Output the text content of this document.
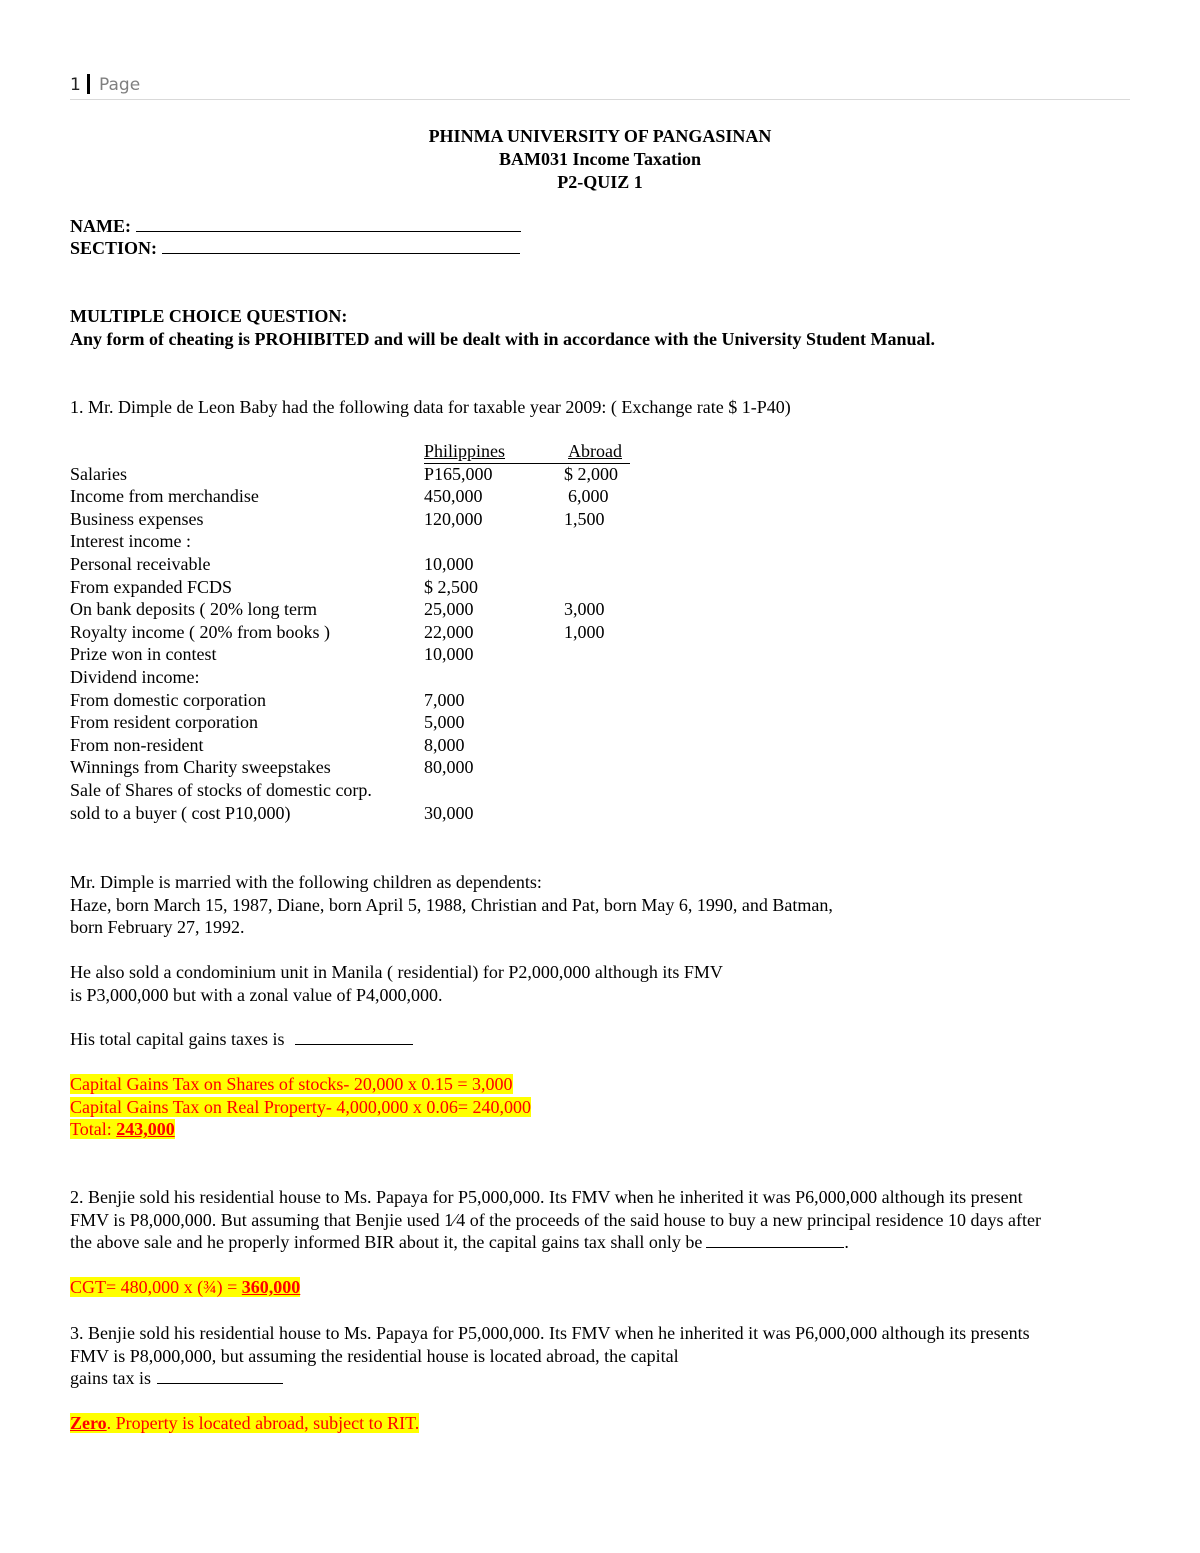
1 Page
PHINMA UNIVERSITY OF PANGASINAN
BAM031 Income Taxation
P2-QUIZ 1
NAME:
SECTION:
MULTIPLE CHOICE QUESTION:
Any form of cheating is PROHIBITED and will be dealt with in accordance with the University Student Manual.
1. Mr. Dimple de Leon Baby had the following data for taxable year 2009: ( Exchange rate $ 1-P40)
Philippines	Abroad
Salaries	P165,000	$ 2,000
Income from merchandise	450,000	6,000
Business expenses	120,000	1,500
Interest income :
Personal receivable	10,000
From expanded FCDS	$ 2,500
On bank deposits ( 20% long term	25,000	3,000
Royalty income ( 20% from books )	22,000	1,000
Prize won in contest	10,000
Dividend income:
From domestic corporation	7,000
From resident corporation	5,000
From non-resident	8,000
Winnings from Charity sweepstakes	80,000
Sale of Shares of stocks of domestic corp.
sold to a buyer ( cost P10,000)	30,000
Mr. Dimple is married with the following children as dependents:
Haze, born March 15, 1987, Diane, born April 5, 1988, Christian and Pat, born May 6, 1990, and Batman,
born February 27, 1992.
He also sold a condominium unit in Manila ( residential) for P2,000,000 although its FMV
is P3,000,000 but with a zonal value of P4,000,000.
His total capital gains taxes is
Capital Gains Tax on Shares of stocks- 20,000 x 0.15 = 3,000
Capital Gains Tax on Real Property- 4,000,000 x 0.06= 240,000
Total: 243,000
2. Benjie sold his residential house to Ms. Papaya for P5,000,000. Its FMV when he inherited it was P6,000,000 although its present
FMV is P8,000,000. But assuming that Benjie used 1⁄4 of the proceeds of the said house to buy a new principal residence 10 days after
the above sale and he properly informed BIR about it, the capital gains tax shall only be	.
CGT= 480,000 x (¾) = 360,000
3. Benjie sold his residential house to Ms. Papaya for P5,000,000. Its FMV when he inherited it was P6,000,000 although its presents
FMV is P8,000,000, but assuming the residential house is located abroad, the capital
gains tax is
Zero. Property is located abroad, subject to RIT.
